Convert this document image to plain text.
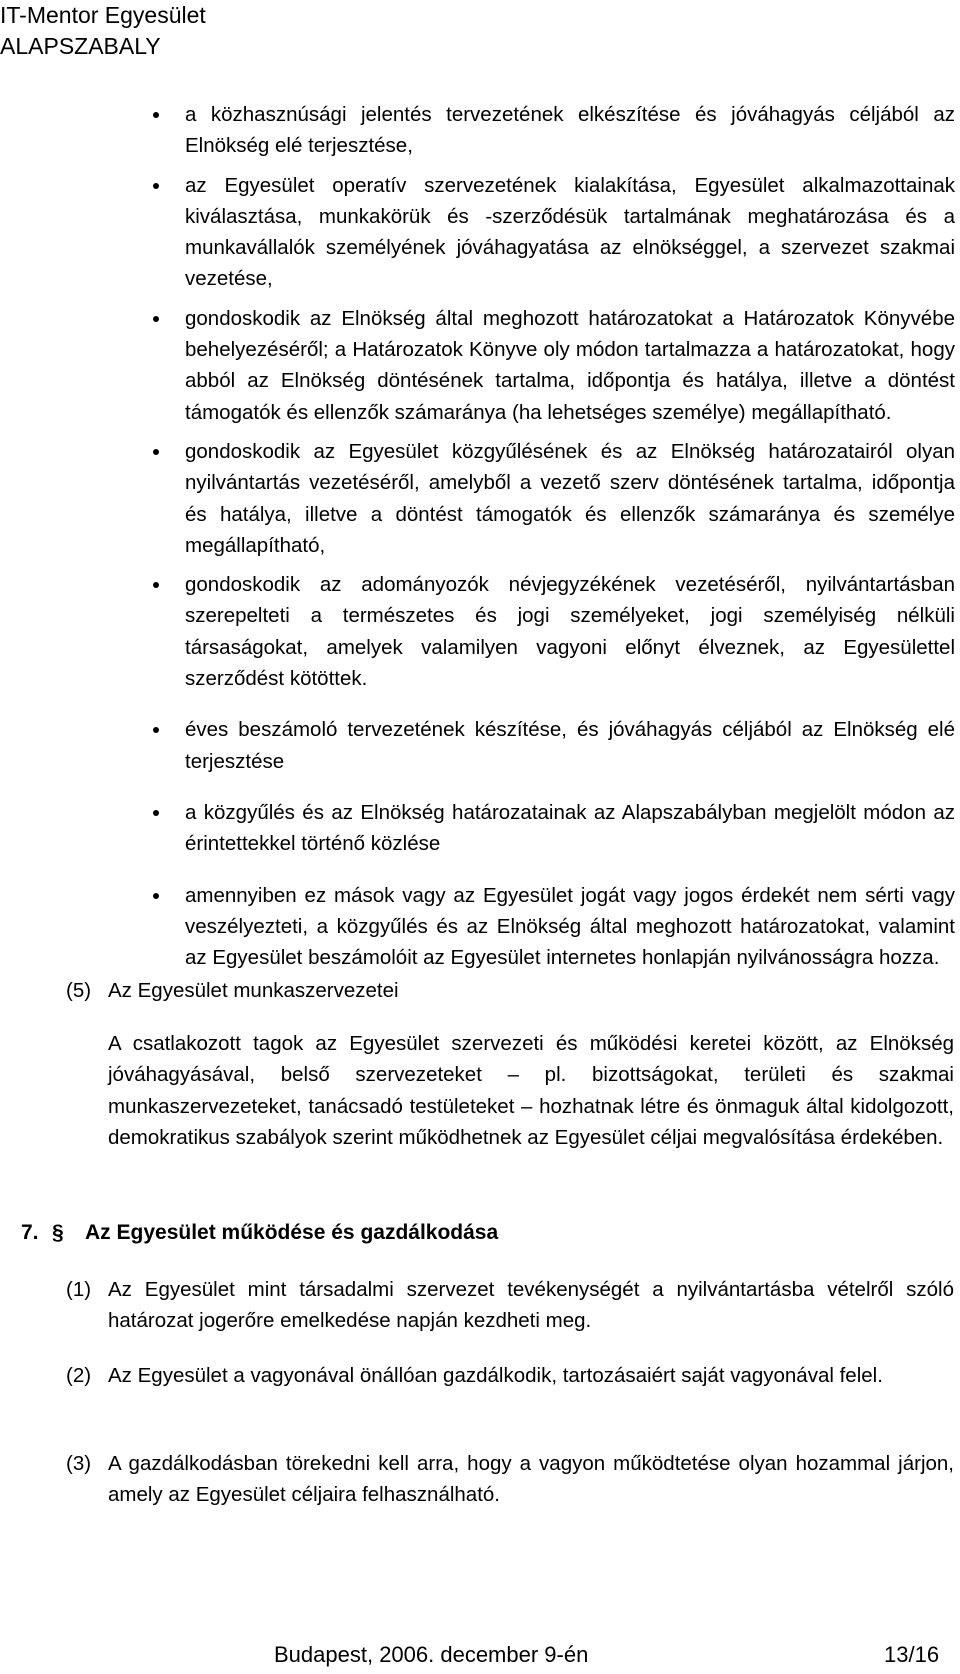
IT-Mentor Egyesület
ALAPSZABALY
a közhasznúsági jelentés tervezetének elkészítése és jóváhagyás céljából az Elnökség elé terjesztése,
az Egyesület operatív szervezetének kialakítása, Egyesület alkalmazottainak kiválasztása, munkakörük és -szerződésük tartalmának meghatározása és a munkavállalók személyének jóváhagyatása az elnökséggel, a szervezet szakmai vezetése,
gondoskodik az Elnökség által meghozott határozatokat a Határozatok Könyvébe behelyezéséről; a Határozatok Könyve oly módon tartalmazza a határozatokat, hogy abból az Elnökség döntésének tartalma, időpontja és hatálya, illetve a döntést támogatók és ellenzők számaránya (ha lehetséges személye) megállapítható.
gondoskodik az Egyesület közgyűlésének és az Elnökség határozatairól olyan nyilvántartás vezetéséről, amelyből a vezető szerv döntésének tartalma, időpontja és hatálya, illetve a döntést támogatók és ellenzők számaránya és személye megállapítható,
gondoskodik az adományozók névjegyzékének vezetéséről, nyilvántartásban szerepelteti a természetes és jogi személyeket, jogi személyiség nélküli társaságokat, amelyek valamilyen vagyoni előnyt élveznek, az Egyesülettel szerződést kötöttek.
éves beszámoló tervezetének készítése, és jóváhagyás céljából az Elnökség elé terjesztése
a közgyűlés és az Elnökség határozatainak az Alapszabályban megjelölt módon az érintettekkel történő közlése
amennyiben ez mások vagy az Egyesület jogát vagy jogos érdekét nem sérti vagy veszélyezteti, a közgyűlés és az Elnökség által meghozott határozatokat, valamint az Egyesület beszámolóit az Egyesület internetes honlapján nyilvánosságra hozza.
(5) Az Egyesület munkaszervezetei
A csatlakozott tagok az Egyesület szervezeti és működési keretei között, az Elnökség jóváhagyásával, belső szervezeteket – pl. bizottságokat, területi és szakmai munkaszervezeteket, tanácsadó testületeket – hozhatnak létre és önmaguk által kidolgozott, demokratikus szabályok szerint működhetnek az Egyesület céljai megvalósítása érdekében.
7. § Az Egyesület működése és gazdálkodása
(1) Az Egyesület mint társadalmi szervezet tevékenységét a nyilvántartásba vételről szóló határozat jogerőre emelkedése napján kezdheti meg.
(2) Az Egyesület a vagyonával önállóan gazdálkodik, tartozásaiért saját vagyonával felel.
(3) A gazdálkodásban törekedni kell arra, hogy a vagyon működtetése olyan hozammal járjon, amely az Egyesület céljaira felhasználható.
Budapest, 2006. december 9-én	13/16
